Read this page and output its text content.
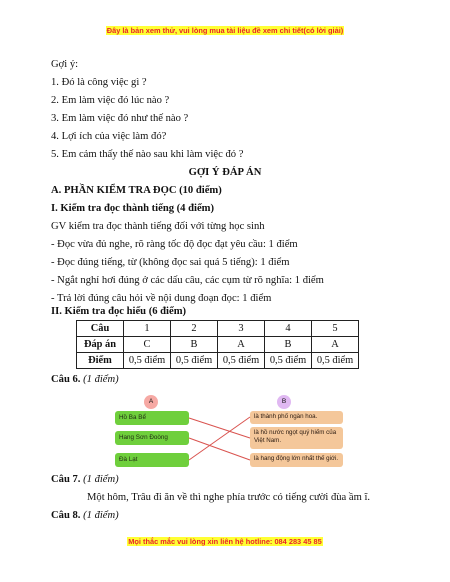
Đây là bản xem thử, vui lòng mua tài liệu đề xem chi tiết(có lời giải)
Gợi ý:
1. Đó là công việc gì ?
2. Em làm việc đó lúc nào ?
3. Em làm việc đó như thế nào ?
4. Lợi ích của việc làm đó?
5. Em cảm thấy thế nào sau khi làm việc đó ?
GỢI Ý ĐÁP ÁN
A. PHẦN KIỂM TRA ĐỌC (10 điểm)
I. Kiểm tra đọc thành tiếng (4 điểm)
GV kiểm tra đọc thành tiếng đối với từng học sinh
- Đọc vừa đủ nghe, rõ ràng tốc độ đọc đạt yêu cầu: 1 điểm
- Đọc đúng tiếng, từ (không đọc sai quá 5 tiếng): 1 điểm
- Ngắt nghỉ hơi đúng ở các dấu câu, các cụm từ rõ nghĩa: 1 điểm
- Trả lời đúng câu hỏi về nội dung đoạn đọc: 1 điểm
II. Kiểm tra đọc hiểu (6 điểm)
Câu	1	2	3	4	5
Đáp án	C	B	A	B	A
Điểm	0,5 điểm	0,5 điểm	0,5 điểm	0,5 điểm	0,5 điểm
Câu 6. (1 điểm)
A	B
Hồ Ba Bể
Hang Sơn Đoòng
Đà Lạt
là thành phố ngàn hoa.
là hồ nước ngọt quý hiếm của Việt Nam.
là hang động lớn nhất thế giới.
Câu 7. (1 điểm)
Một hôm, Trâu đi ăn về thì nghe phía trước có tiếng cười đùa ầm ĩ.
Câu 8. (1 điểm)
Mọi thắc mắc vui lòng xin liên hệ hotline: 084 283 45 85
